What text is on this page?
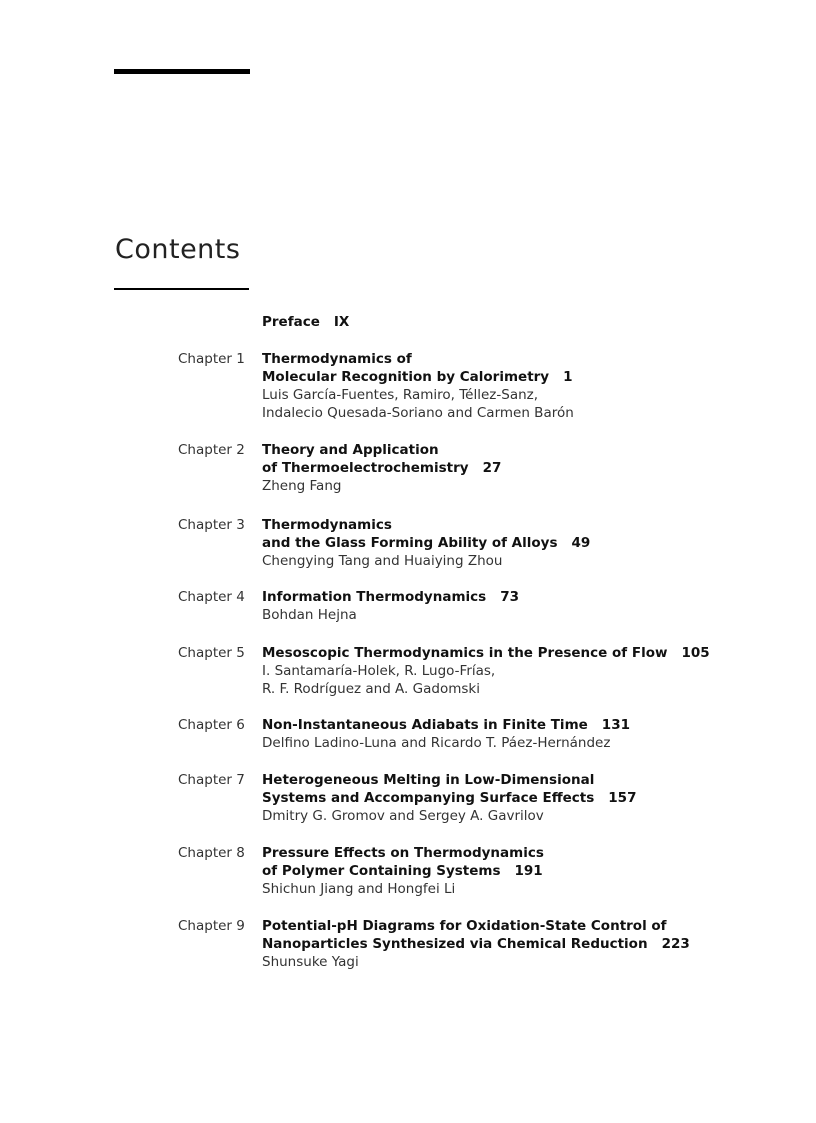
Contents
Preface IX
Chapter 1 Thermodynamics of
Molecular Recognition by Calorimetry 1
Luis García-Fuentes, Ramiro, Téllez-Sanz,
Indalecio Quesada-Soriano and Carmen Barón
Chapter 2 Theory and Application
of Thermoelectrochemistry 27
Zheng Fang
Chapter 3 Thermodynamics
and the Glass Forming Ability of Alloys 49
Chengying Tang and Huaiying Zhou
Chapter 4 Information Thermodynamics 73
Bohdan Hejna
Chapter 5 Mesoscopic Thermodynamics in the Presence of Flow 105
I. Santamaría-Holek, R. Lugo-Frías,
R. F. Rodríguez and A. Gadomski
Chapter 6 Non-Instantaneous Adiabats in Finite Time 131
Delfino Ladino-Luna and Ricardo T. Páez-Hernández
Chapter 7 Heterogeneous Melting in Low-Dimensional
Systems and Accompanying Surface Effects 157
Dmitry G. Gromov and Sergey A. Gavrilov
Chapter 8 Pressure Effects on Thermodynamics
of Polymer Containing Systems 191
Shichun Jiang and Hongfei Li
Chapter 9 Potential-pH Diagrams for Oxidation-State Control of
Nanoparticles Synthesized via Chemical Reduction 223
Shunsuke Yagi
